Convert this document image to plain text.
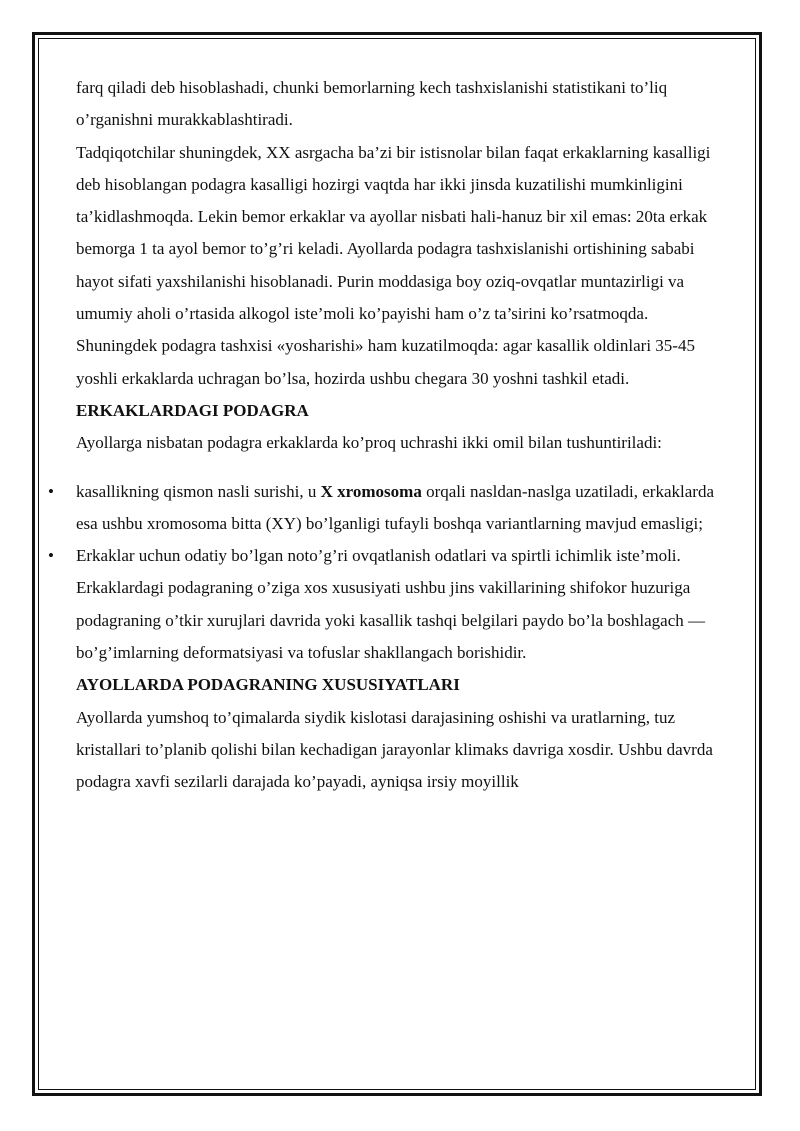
farq qiladi deb hisoblashadi, chunki bemorlarning kech tashxislanishi statistikani to’liq o’rganishni murakkablashtiradi.

Tadqiqotchilar shuningdek, XX asrgacha ba’zi bir istisnolar bilan faqat erkaklarning kasalligi deb hisoblangan podagra kasalligi hozirgi vaqtda har ikki jinsda kuzatilishi mumkinligini ta’kidlashmoqda. Lekin bemor erkaklar va ayollar nisbati hali-hanuz bir xil emas: 20ta erkak bemorga 1 ta ayol bemor to’g’ri keladi. Ayollarda podagra tashxislanishi ortishining sababi hayot sifati yaxshilanishi hisoblanadi. Purin moddasiga boy oziq-ovqatlar muntazirligi va umumiy aholi o’rtasida alkogol iste’moli ko’payishi ham o’z ta’sirini ko’rsatmoqda.

Shuningdek podagra tashxisi «yosharishi» ham kuzatilmoqda: agar kasallik oldinlari 35-45 yoshli erkaklarda uchragan bo’lsa, hozirda ushbu chegara 30 yoshni tashkil etadi.

ERKAKLARDAGI PODAGRA

Ayollarga nisbatan podagra erkaklarda ko’proq uchrashi ikki omil bilan tushuntiriladi:

• kasallikning qismon nasli surishi, u X xromosoma orqali nasldan-naslga uzatiladi, erkaklarda esa ushbu xromosoma bitta (XY) bo’lganligi tufayli boshqa variantlarning mavjud emasligi;
• Erkaklar uchun odatiy bo’lgan noto’g’ri ovqatlanish odatlari va spirtli ichimlik iste’moli.

Erkaklardagi podagraning o’ziga xos xususiyati ushbu jins vakillarining shifokor huzuriga podagraning o’tkir xurujlari davrida yoki kasallik tashqi belgilari paydo bo’la boshlagach — bo’g’imlarning deformatsiyasi va tofuslar shakllangach borishidir.

AYOLLARDA PODAGRANING XUSUSIYATLARI

Ayollarda yumshoq to’qimalarda siydik kislotasi darajasining oshishi va uratlarning, tuz kristallari to’planib qolishi bilan kechadigan jarayonlar klimaks davriga xosdir. Ushbu davrda podagra xavfi sezilarli darajada ko’payadi, ayniqsa irsiy moyillik
